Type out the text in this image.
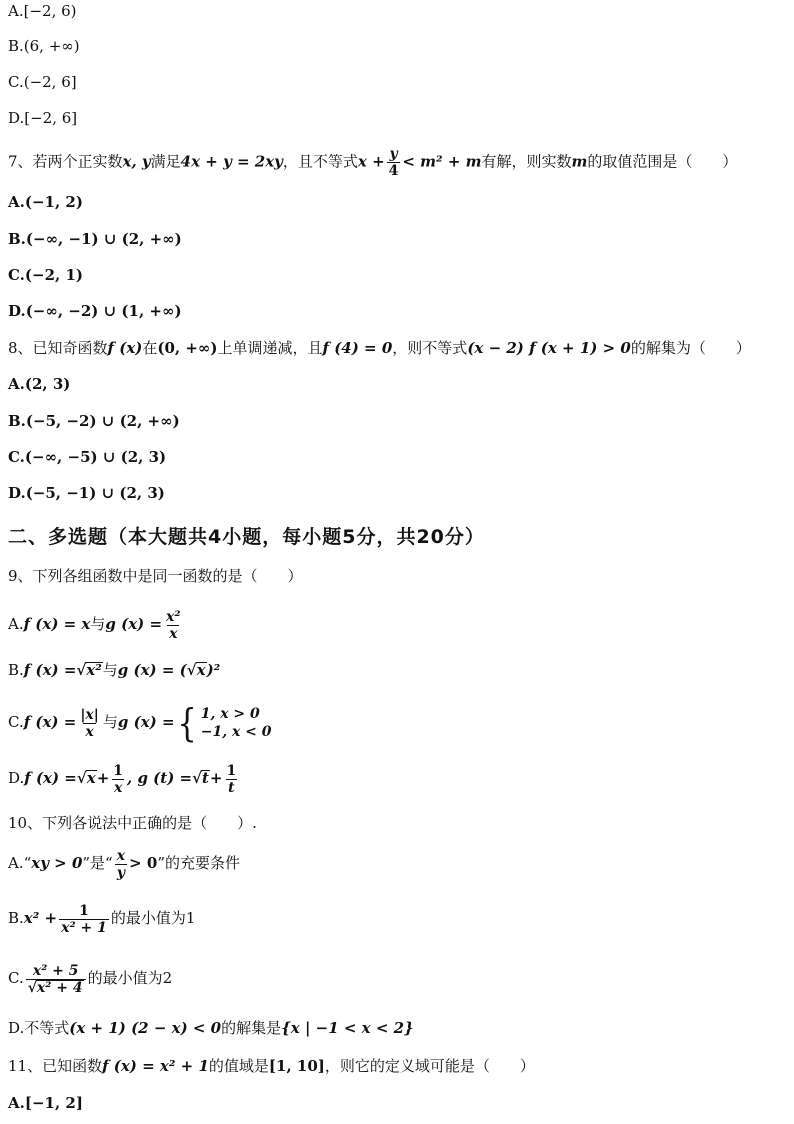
A.[−2, 6)
B.(6, +∞)
C.(−2, 6]
D.[−2, 6]
7、若两个正实数x, y满足4x + y = 2xy，且不等式$x + \frac{y}{4} < m^2 + m$有解，则实数m的取值范围是（　　）
A.(−1, 2)
B.(−∞, −1) ∪ (2, +∞)
C.(−2, 1)
D.(−∞, −2) ∪ (1, +∞)
8、已知奇函数f (x)在(0, +∞)上单调递减，且f (4) = 0，则不等式(x − 2) f (x + 1) > 0的解集为（　　）
A.(2, 3)
B.(−5, −2) ∪ (2, +∞)
C.(−∞, −5) ∪ (2, 3)
D.(−5, −1) ∪ (2, 3)
二、多选题（本大题共4小题，每小题5分，共20分）
9、下列各组函数中是同一函数的是（　　）
A.f (x) = x与g $(x) = \frac{\text{x²}}{x}$
B.f (x) =√x²与g (x) = (√x)²
C.f $(x) = \frac{|x|}{x}$ 与g (x) = { 1, x > 0
−1, x < 0
D.f $(x) =√x+ \frac{1}{x}$ , g $(t) =√t+ \frac{1}{t}$
10、下列各说法中正确的是（　　）.
A.“xy > 0”是“ $\frac{x}{y} > 0$”的充要条件
$B.x^2 + \frac{1}{\text{x² + 1}}$ 的最小值为1
C. $\frac{\text{x² + 5}}{\text{√x² + 4}}$ 的最小值为2
D.不等式(x + 1) (2 − x) < 0的解集是{x | −1 < x < 2}
11、已知函数f (x) = x² + 1的值域是[1, 10]，则它的定义域可能是（　　）
A.[−1, 2]
